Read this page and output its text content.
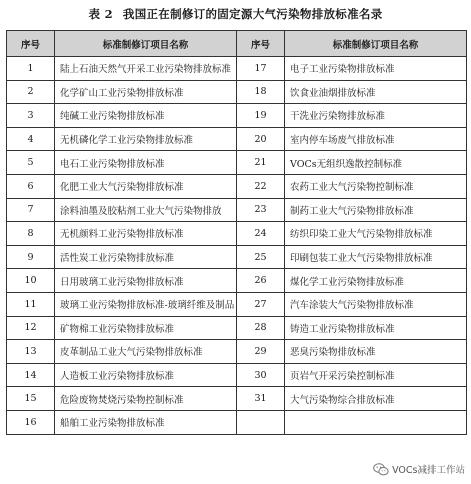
表 2 我国正在制修订的固定源大气污染物排放标准名录
序号	标准制修订项目名称	序号	标准制修订项目名称
1	陆上石油天然气开采工业污染物排放标准	17	电子工业污染物排放标准
2	化学矿山工业污染物排放标准	18	饮食业油烟排放标准
3	纯碱工业污染物排放标准	19	干洗业污染物排放标准
4	无机磷化学工业污染物排放标准	20	室内停车场废气排放标准
5	电石工业污染物排放标准	21	VOCs无组织逸散控制标准
6	化肥工业大气污染物排放标准	22	农药工业大气污染物控制标准
7	涂料油墨及胶粘剂工业大气污染物排放	23	制药工业大气污染物排放标准
8	无机颜料工业污染物排放标准	24	纺织印染工业大气污染物排放标准
9	活性炭工业污染物排放标准	25	印刷包装工业大气污染物排放标准
10	日用玻璃工业污染物排放标准	26	煤化学工业污染物排放标准
11	玻璃工业污染物排放标准-玻璃纤维及制品	27	汽车涂装大气污染物排放标准
12	矿物棉工业污染物排放标准	28	铸造工业污染物排放标准
13	皮革制品工业大气污染物排放标准	29	恶臭污染物排放标准
14	人造板工业污染物排放标准	30	页岩气开采污染控制标准
15	危险废物焚烧污染物控制标准	31	大气污染物综合排放标准
16	船舶工业污染物排放标准		
VOCs减排工作站
